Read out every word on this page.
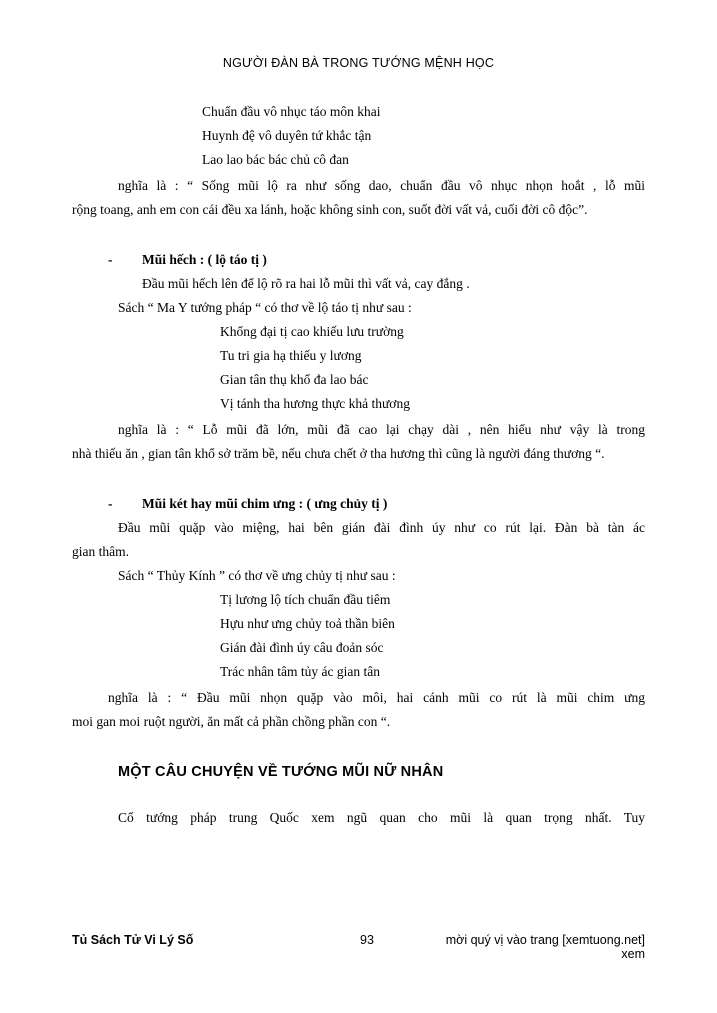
NGƯỜI ĐÀN BÀ TRONG TƯỚNG MỆNH HỌC

Chuẩn đầu vô nhục táo môn khai

Huynh đệ vô duyên tứ khắc tận

Lao lao bác bác chủ cô đan

nghĩa là : “ Sống mũi lộ ra như sống dao, chuẩn đầu vô nhục nhọn hoắt , lỗ mũi

rộng toang, anh em con cái đều xa lánh, hoặc không sinh con, suốt đời vất vả, cuối đời cô độc”.

- Mũi hếch : ( lộ táo tị )

Đầu mũi hếch lên để lộ rõ ra hai lỗ mũi thì vất vả, cay đắng .

Sách “ Ma Y tướng pháp “ có thơ về lộ táo tị như sau :

Khổng đại tị cao khiếu lưu trường

Tu tri gia hạ thiếu y lương

Gian tân thụ khổ đa lao bác

Vị tánh tha hương thực khả thương

nghĩa là : “ Lỗ mũi đã lớn, mũi đã cao lại chạy dài , nên hiểu như vậy là trong

nhà thiếu ăn , gian tân khổ sở trăm bề, nếu chưa chết ở tha hương thì cũng là người đáng thương “.

- Mũi két hay mũi chim ưng : ( ưng chủy tị )

Đầu mũi quặp vào miệng, hai bên gián đài đình úy như co rút lại. Đàn bà tàn ác

gian thâm.

Sách “ Thủy Kính ” có thơ về ưng chủy tị như sau :

Tị lương lộ tích chuẩn đầu tiêm

Hựu như ưng chủy toả thần biên

Gián đài đình úy câu đoản sóc

Trác nhân tâm tủy ác gian tân

nghĩa là : “ Đầu mũi nhọn quặp vào môi, hai cánh mũi co rút là mũi chim ưng

moi gan moi ruột người, ăn mất cả phần chồng phần con “.

MỘT CÂU CHUYỆN VỀ TƯỚNG MŨI NỮ NHÂN

Cổ tướng pháp trung Quốc xem ngũ quan cho mũi là quan trọng nhất. Tuy

Tủ Sách Tử Vi Lý Số	93	mời quý vị vào trang [xemtuong.net] xem
